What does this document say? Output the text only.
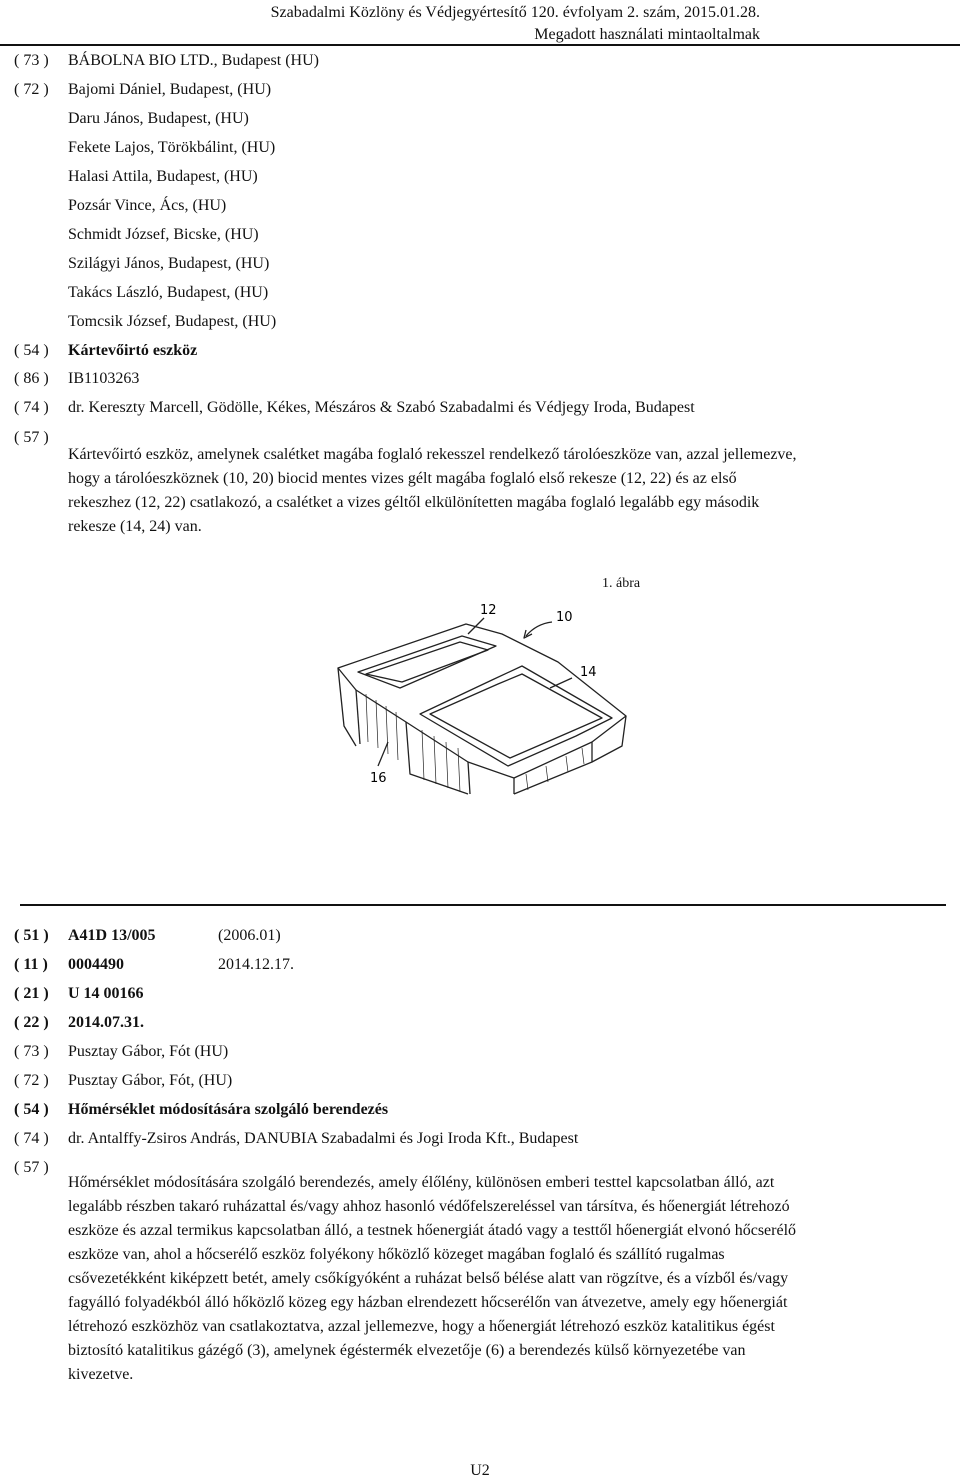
Szabadalmi Közlöny és Védjegyértesítő 120. évfolyam 2. szám, 2015.01.28.
Megadott használati mintaoltalmak
( 73 ) BÁBOLNA BIO LTD., Budapest (HU)
( 72 ) Bajomi Dániel, Budapest, (HU)
Daru János, Budapest, (HU)
Fekete Lajos, Törökbálint, (HU)
Halasi Attila, Budapest, (HU)
Pozsár Vince, Ács, (HU)
Schmidt József, Bicske, (HU)
Szilágyi János, Budapest, (HU)
Takács László, Budapest, (HU)
Tomcsik József, Budapest, (HU)
( 54 ) Kártevőirtó eszköz
( 86 ) IB1103263
( 74 ) dr. Kereszty Marcell, Gödölle, Kékes, Mészáros & Szabó Szabadalmi és Védjegy Iroda, Budapest
( 57 )
Kártevőirtó eszköz, amelynek csalétket magába foglaló rekesszel rendelkező tárolóeszköze van, azzal jellemezve,
hogy a tárolóeszköznek (10, 20) biocid mentes vizes gélt magába foglaló első rekesze (12, 22) és az első
rekeszhez (12, 22) csatlakozó, a csalétket a vizes géltől elkülönítetten magába foglaló legalább egy második
rekesze (14, 24) van.
1. ábra
12	10
14
16
( 51 ) A41D 13/005	(2006.01)
( 11 ) 0004490	2014.12.17.
( 21 ) U 14 00166
( 22 ) 2014.07.31.
( 73 ) Pusztay Gábor, Fót (HU)
( 72 ) Pusztay Gábor, Fót, (HU)
( 54 ) Hőmérséklet módosítására szolgáló berendezés
( 74 ) dr. Antalffy-Zsiros András, DANUBIA Szabadalmi és Jogi Iroda Kft., Budapest
( 57 )
Hőmérséklet módosítására szolgáló berendezés, amely élőlény, különösen emberi testtel kapcsolatban álló, azt
legalább részben takaró ruházattal és/vagy ahhoz hasonló védőfelszereléssel van társítva, és hőenergiát létrehozó
eszköze és azzal termikus kapcsolatban álló, a testnek hőenergiát átadó vagy a testtől hőenergiát elvonó hőcserélő
eszköze van, ahol a hőcserélő eszköz folyékony hőközlő közeget magában foglaló és szállító rugalmas
csővezetékként kiképzett betét, amely csőkígyóként a ruházat belső bélése alatt van rögzítve, és a vízből és/vagy
fagyálló folyadékból álló hőközlő közeg egy házban elrendezett hőcserélőn van átvezetve, amely egy hőenergiát
létrehozó eszközhöz van csatlakoztatva, azzal jellemezve, hogy a hőenergiát létrehozó eszköz katalitikus égést
biztosító katalitikus gázégő (3), amelynek égéstermék elvezetője (6) a berendezés külső környezetébe van
kivezetve.
U2
